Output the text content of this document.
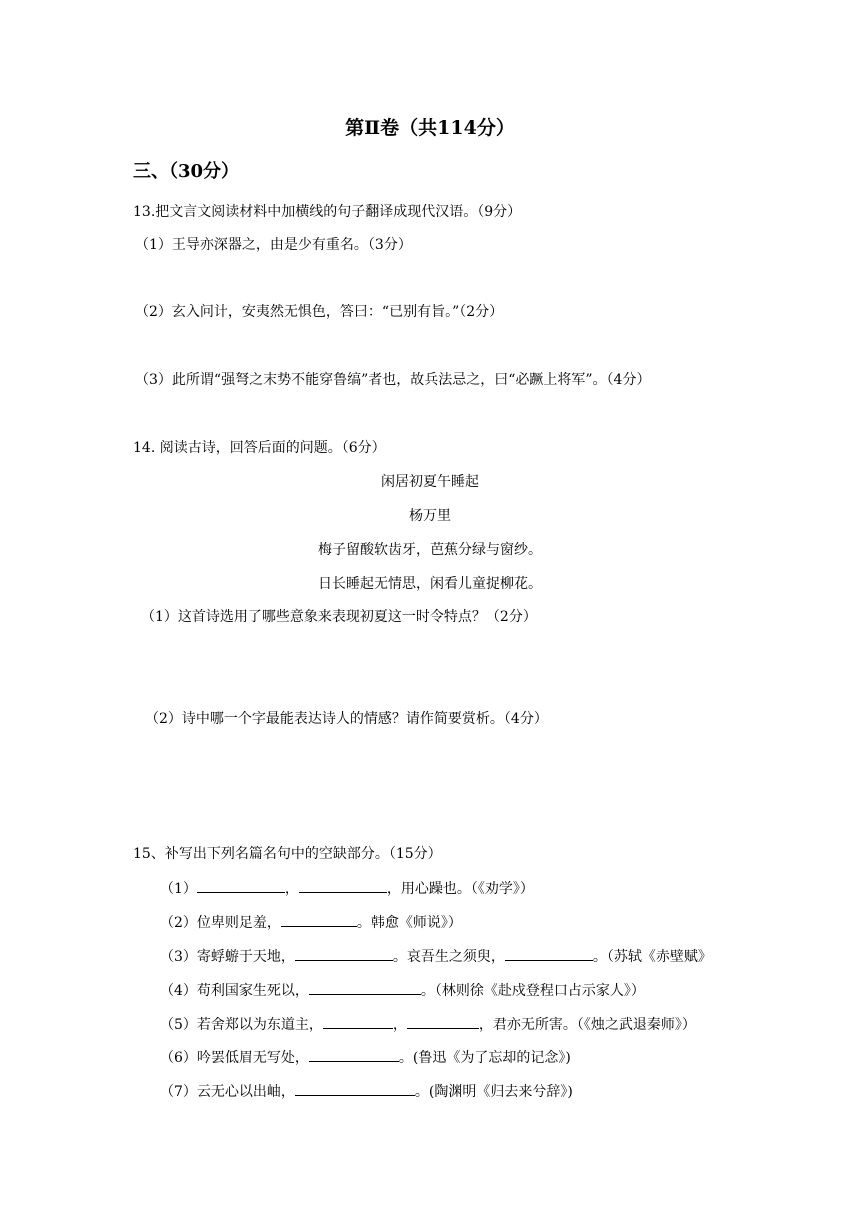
第Ⅱ卷（共114分）
三、（30分）
13.把文言文阅读材料中加横线的句子翻译成现代汉语。（9分）
（1）王导亦深器之，由是少有重名。（3分）
（2）玄入问计，安夷然无惧色，答曰：“已别有旨。”（2分）
（3）此所谓“强弩之末势不能穿鲁缟”者也，故兵法忌之，曰“必蹶上将军”。（4分）
14. 阅读古诗，回答后面的问题。（6分）
闲居初夏午睡起
杨万里
梅子留酸软齿牙，芭蕉分绿与窗纱。
日长睡起无情思，闲看儿童捉柳花。
（1）这首诗选用了哪些意象来表现初夏这一时令特点？（2分）
（2）诗中哪一个字最能表达诗人的情感？请作简要赏析。（4分）
15、补写出下列名篇名句中的空缺部分。（15分）
（1）	，	，用心躁也。（《劝学》）
（2）位卑则足羞，	。韩愈《师说》）
（3）寄蜉蝣于天地，	。哀吾生之须臾，	。（苏轼《赤壁赋》
（4）苟利国家生死以，	。（林则徐《赴戍登程口占示家人》）
（5）若舍郑以为东道主，	，	，君亦无所害。（《烛之武退秦师》）
（6）吟罢低眉无写处，	。(鲁迅《为了忘却的记念》)
（7）云无心以出岫，	。(陶渊明《归去来兮辞》)
